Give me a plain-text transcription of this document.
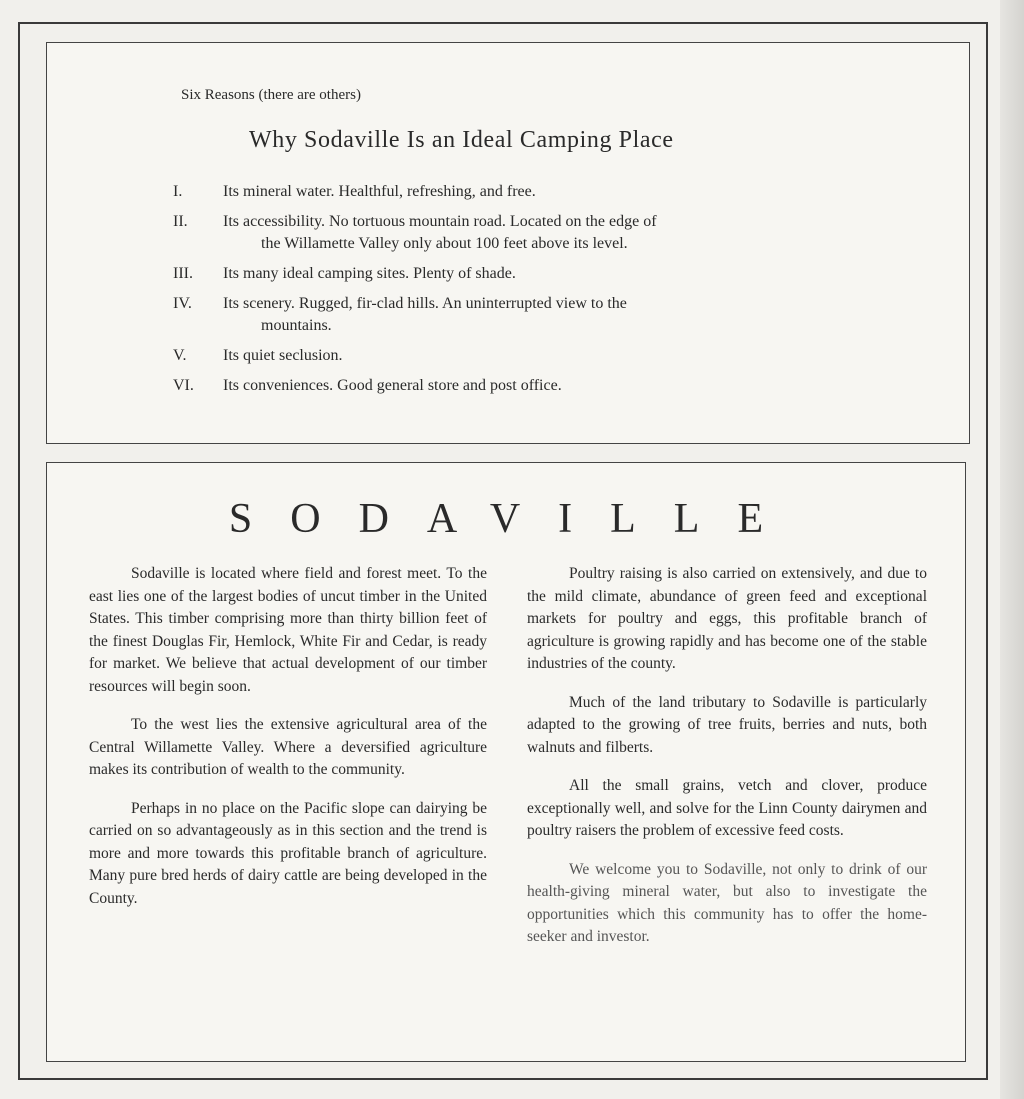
Six Reasons (there are others)
Why Sodaville Is an Ideal Camping Place
I.	Its mineral water. Healthful, refreshing, and free.
II. Its accessibility. No tortuous mountain road. Located on the edge of
the Willamette Valley only about 100 feet above its level.
III. Its many ideal camping sites. Plenty of shade.
IV. Its scenery. Rugged, fir-clad hills. An uninterrupted view to the
mountains.
V. Its quiet seclusion.
VI. Its conveniences. Good general store and post office.
SODAVILLE

Sodaville is located where field and forest meet. To the east lies one of the largest bodies of uncut timber in the United States. This timber comprising more than thirty billion feet of the finest Douglas Fir, Hemlock, White Fir and Cedar, is ready for market. We believe that actual development of our timber resources will begin soon.

To the west lies the extensive agricultural area of the Central Willamette Valley. Where a deversified agriculture makes its contribution of wealth to the community.

Perhaps in no place on the Pacific slope can dairying be carried on so advantageously as in this section and the trend is more and more towards this profitable branch of agriculture. Many pure bred herds of dairy cattle are being developed in the County.

Poultry raising is also carried on extensively, and due to the mild climate, abundance of green feed and exceptional markets for poultry and eggs, this profitable branch of agriculture is growing rapidly and has become one of the stable industries of the county.

Much of the land tributary to Sodaville is particularly adapted to the growing of tree fruits, berries and nuts, both walnuts and filberts.

All the small grains, vetch and clover, produce exceptionally well, and solve for the Linn County dairymen and poultry raisers the problem of excessive feed costs.

We welcome you to Sodaville, not only to drink of our health-giving mineral water, but also to investigate the opportunities which this community has to offer the home-seeker and investor.
